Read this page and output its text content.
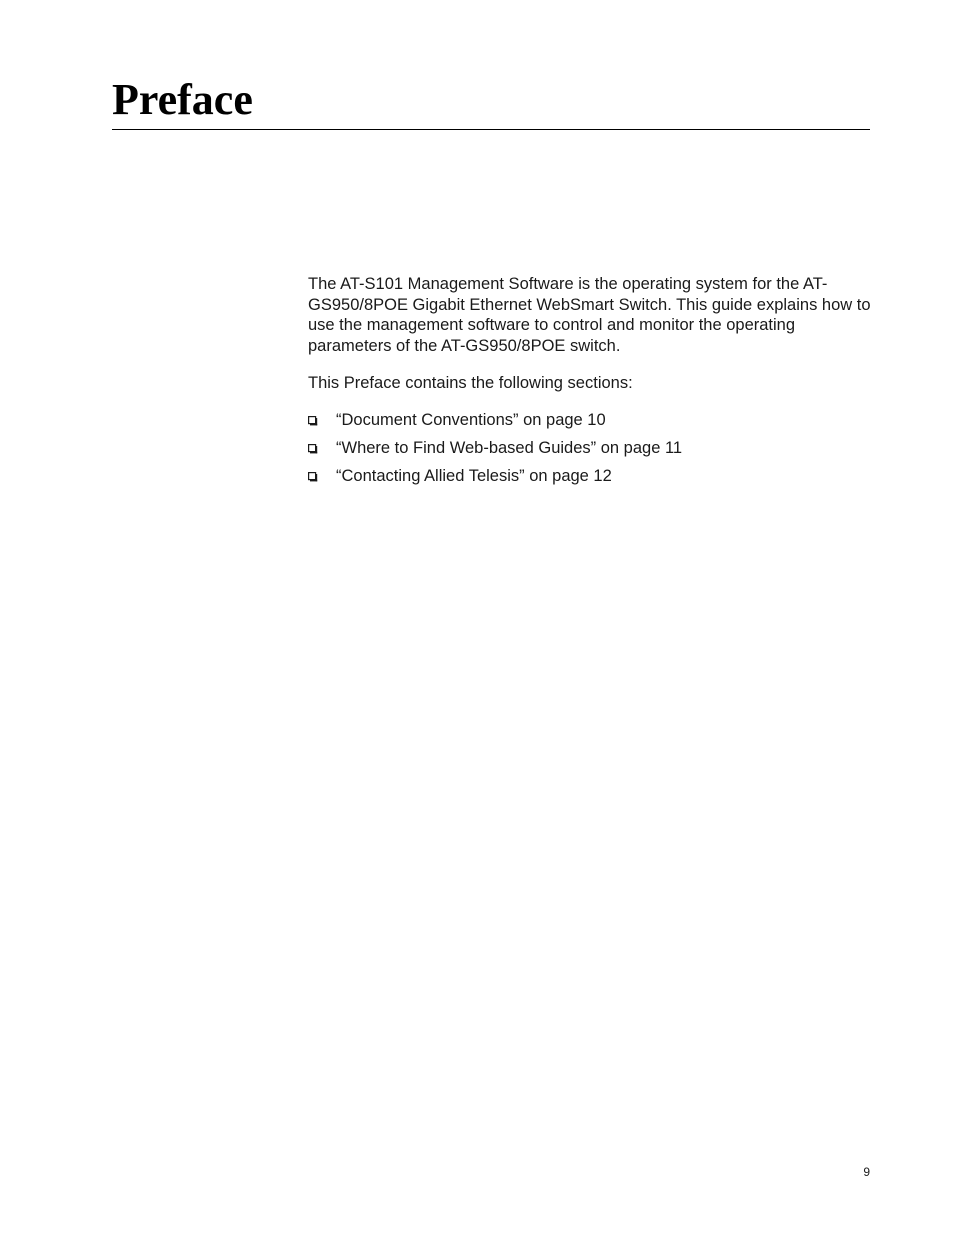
Preface

The AT-S101 Management Software is the operating system for the AT-GS950/8POE Gigabit Ethernet WebSmart Switch. This guide explains how to use the management software to control and monitor the operating parameters of the AT-GS950/8POE switch.

This Preface contains the following sections:

“Document Conventions” on page 10
“Where to Find Web-based Guides” on page 11
“Contacting Allied Telesis” on page 12
9
